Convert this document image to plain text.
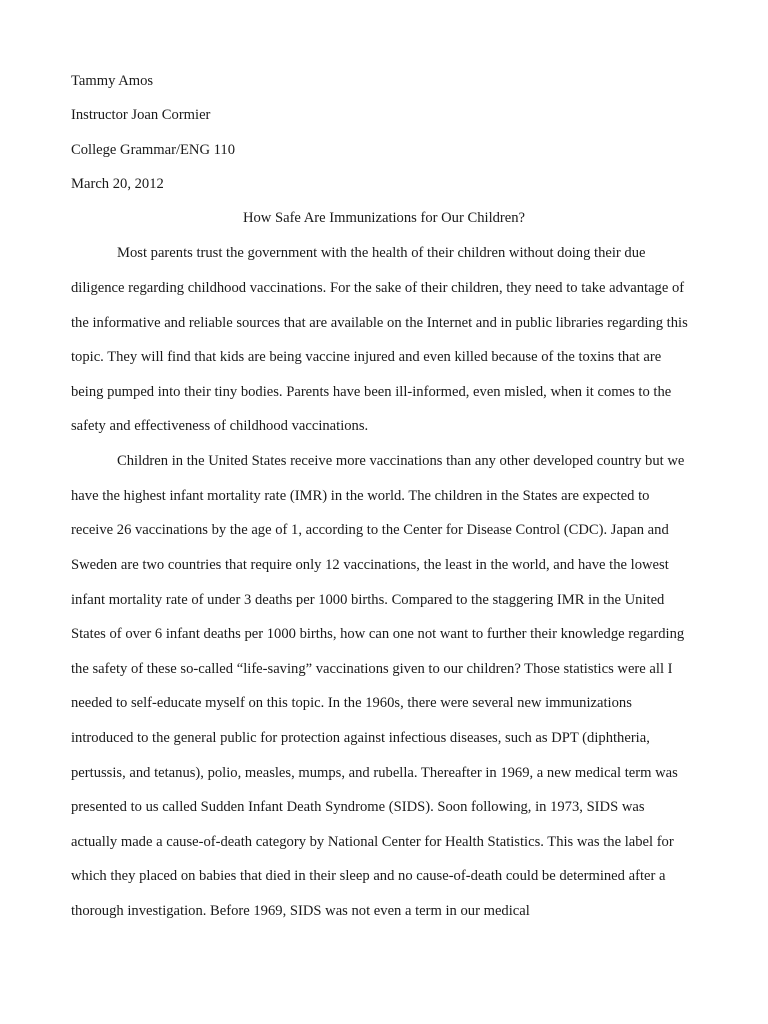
Tammy Amos
Instructor Joan Cormier
College Grammar/ENG 110
March 20, 2012
How Safe Are Immunizations for Our Children?
Most parents trust the government with the health of their children without doing their due
diligence regarding childhood vaccinations. For the sake of their children, they need to take advantage of
the informative and reliable sources that are available on the Internet and in public libraries regarding this
topic. They will find that kids are being vaccine injured and even killed because of the toxins that are
being pumped into their tiny bodies. Parents have been ill-informed, even misled, when it comes to the
safety and effectiveness of childhood vaccinations.
Children in the United States receive more vaccinations than any other developed country but we
have the highest infant mortality rate (IMR) in the world. The children in the States are expected to
receive 26 vaccinations by the age of 1, according to the Center for Disease Control (CDC). Japan and
Sweden are two countries that require only 12 vaccinations, the least in the world, and have the lowest
infant mortality rate of under 3 deaths per 1000 births. Compared to the staggering IMR in the United
States of over 6 infant deaths per 1000 births, how can one not want to further their knowledge regarding
the safety of these so-called “life-saving” vaccinations given to our children? Those statistics were all I
needed to self-educate myself on this topic. In the 1960s, there were several new immunizations
introduced to the general public for protection against infectious diseases, such as DPT (diphtheria,
pertussis, and tetanus), polio, measles, mumps, and rubella. Thereafter in 1969, a new medical term was
presented to us called Sudden Infant Death Syndrome (SIDS). Soon following, in 1973, SIDS was
actually made a cause-of-death category by National Center for Health Statistics. This was the label for
which they placed on babies that died in their sleep and no cause-of-death could be determined after a
thorough investigation. Before 1969, SIDS was not even a term in our medical
